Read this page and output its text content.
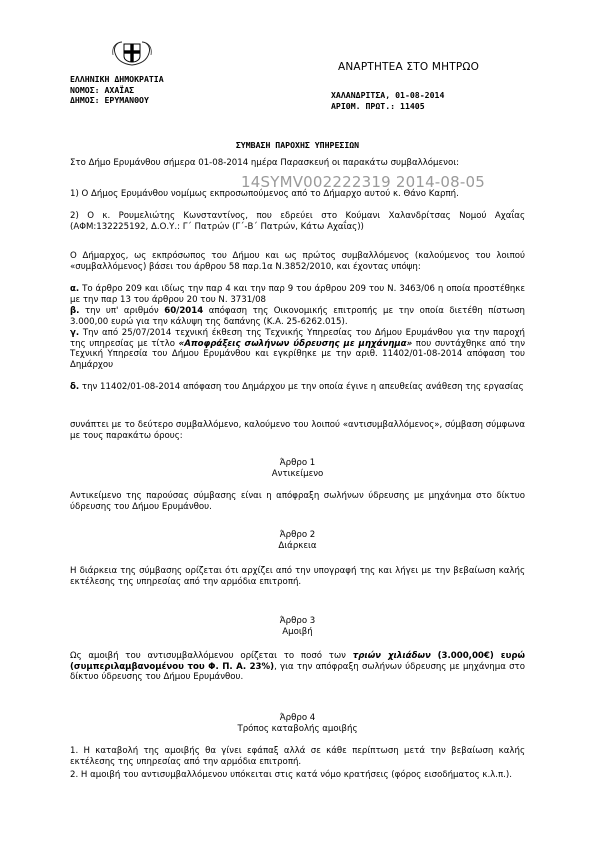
ΑΝΑΡΤΗΤΕΑ ΣΤΟ ΜΗΤΡΩΟ
ΕΛΛΗΝΙΚΗ ΔΗΜΟΚΡΑΤΙΑ
ΝΟΜΟΣ: ΑΧΑΪΑΣ
ΔΗΜΟΣ: ΕΡΥΜΑΝΘΟΥ	ΧΑΛΑΝΔΡΙΤΣΑ, 01-08-2014
ΑΡΙΘΜ. ΠΡΩΤ.: 11405
ΣΥΜΒΑΣΗ ΠΑΡΟΧΗΣ ΥΠΗΡΕΣΙΩΝ
Στο Δήμο Ερυμάνθου σήμερα 01-08-2014 ημέρα Παρασκευή οι παρακάτω συμβαλλόμενοι:
1) Ο Δήμος Ερυμάνθου νομίμως εκπροσωπούμενος από το Δήμαρχο αυτού κ. Θάνο Καρπή.
2) Ο κ. Ρουμελιώτης Κωνσταντίνος, που εδρεύει στο Κούμανι Χαλανδρίτσας Νομού Αχαΐας (ΑΦΜ:132225192, Δ.Ο.Υ.: Γ΄ Πατρών (Γ΄-Β΄ Πατρών, Κάτω Αχαΐας))
Ο Δήμαρχος, ως εκπρόσωπος του Δήμου και ως πρώτος συμβαλλόμενος (καλούμενος του λοιπού «συμβαλλόμενος) βάσει του άρθρου 58 παρ.1α Ν.3852/2010, και έχοντας υπόψη:
14SYMV002222319 2014-08-05
α. Το άρθρο 209 και ιδίως την παρ 4 και την παρ 9 του άρθρου 209 του Ν. 3463/06 η οποία προστέθηκε με την παρ 13 του άρθρου 20 του Ν. 3731/08
β. την υπ' αριθμόν 60/2014 απόφαση της Οικονομικής επιτροπής με την οποία διετέθη πίστωση 3.000,00 ευρώ για την κάλυψη της δαπάνης (Κ.Α. 25-6262.015).
γ. Την από 25/07/2014 τεχνική έκθεση της Τεχνικής Υπηρεσίας του Δήμου Ερυμάνθου για την παροχή της υπηρεσίας με τίτλο «Αποφράξεις σωλήνων ύδρευσης με μηχάνημα» που συντάχθηκε από την Τεχνική Υπηρεσία του Δήμου Ερυμάνθου και εγκρίθηκε με την αριθ. 11402/01-08-2014 απόφαση του Δημάρχου
δ. την 11402/01-08-2014 απόφαση του Δημάρχου με την οποία έγινε η απευθείας ανάθεση της εργασίας
συνάπτει με το δεύτερο συμβαλλόμενο, καλούμενο του λοιπού «αντισυμβαλλόμενος», σύμβαση σύμφωνα με τους παρακάτω όρους:
Άρθρο 1
Αντικείμενο
Αντικείμενο της παρούσας σύμβασης είναι η απόφραξη σωλήνων ύδρευσης με μηχάνημα στο δίκτυο ύδρευσης του Δήμου Ερυμάνθου.
Άρθρο 2
Διάρκεια
Η διάρκεια της σύμβασης ορίζεται ότι αρχίζει από την υπογραφή της και λήγει με την βεβαίωση καλής εκτέλεσης της υπηρεσίας από την αρμόδια επιτροπή.
Άρθρο 3
Αμοιβή
Ως αμοιβή του αντισυμβαλλόμενου ορίζεται το ποσό των τριών χιλιάδων (3.000,00€) ευρώ (συμπεριλαμβανομένου του Φ. Π. Α. 23%), για την απόφραξη σωλήνων ύδρευσης με μηχάνημα στο δίκτυο ύδρευσης του Δήμου Ερυμάνθου.
Άρθρο 4
Τρόπος καταβολής αμοιβής
1. Η καταβολή της αμοιβής θα γίνει εφάπαξ αλλά σε κάθε περίπτωση μετά την βεβαίωση καλής εκτέλεσης της υπηρεσίας από την αρμόδια επιτροπή.
2. Η αμοιβή του αντισυμβαλλόμενου υπόκειται στις κατά νόμο κρατήσεις (φόρος εισοδήματος κ.λ.π.).
